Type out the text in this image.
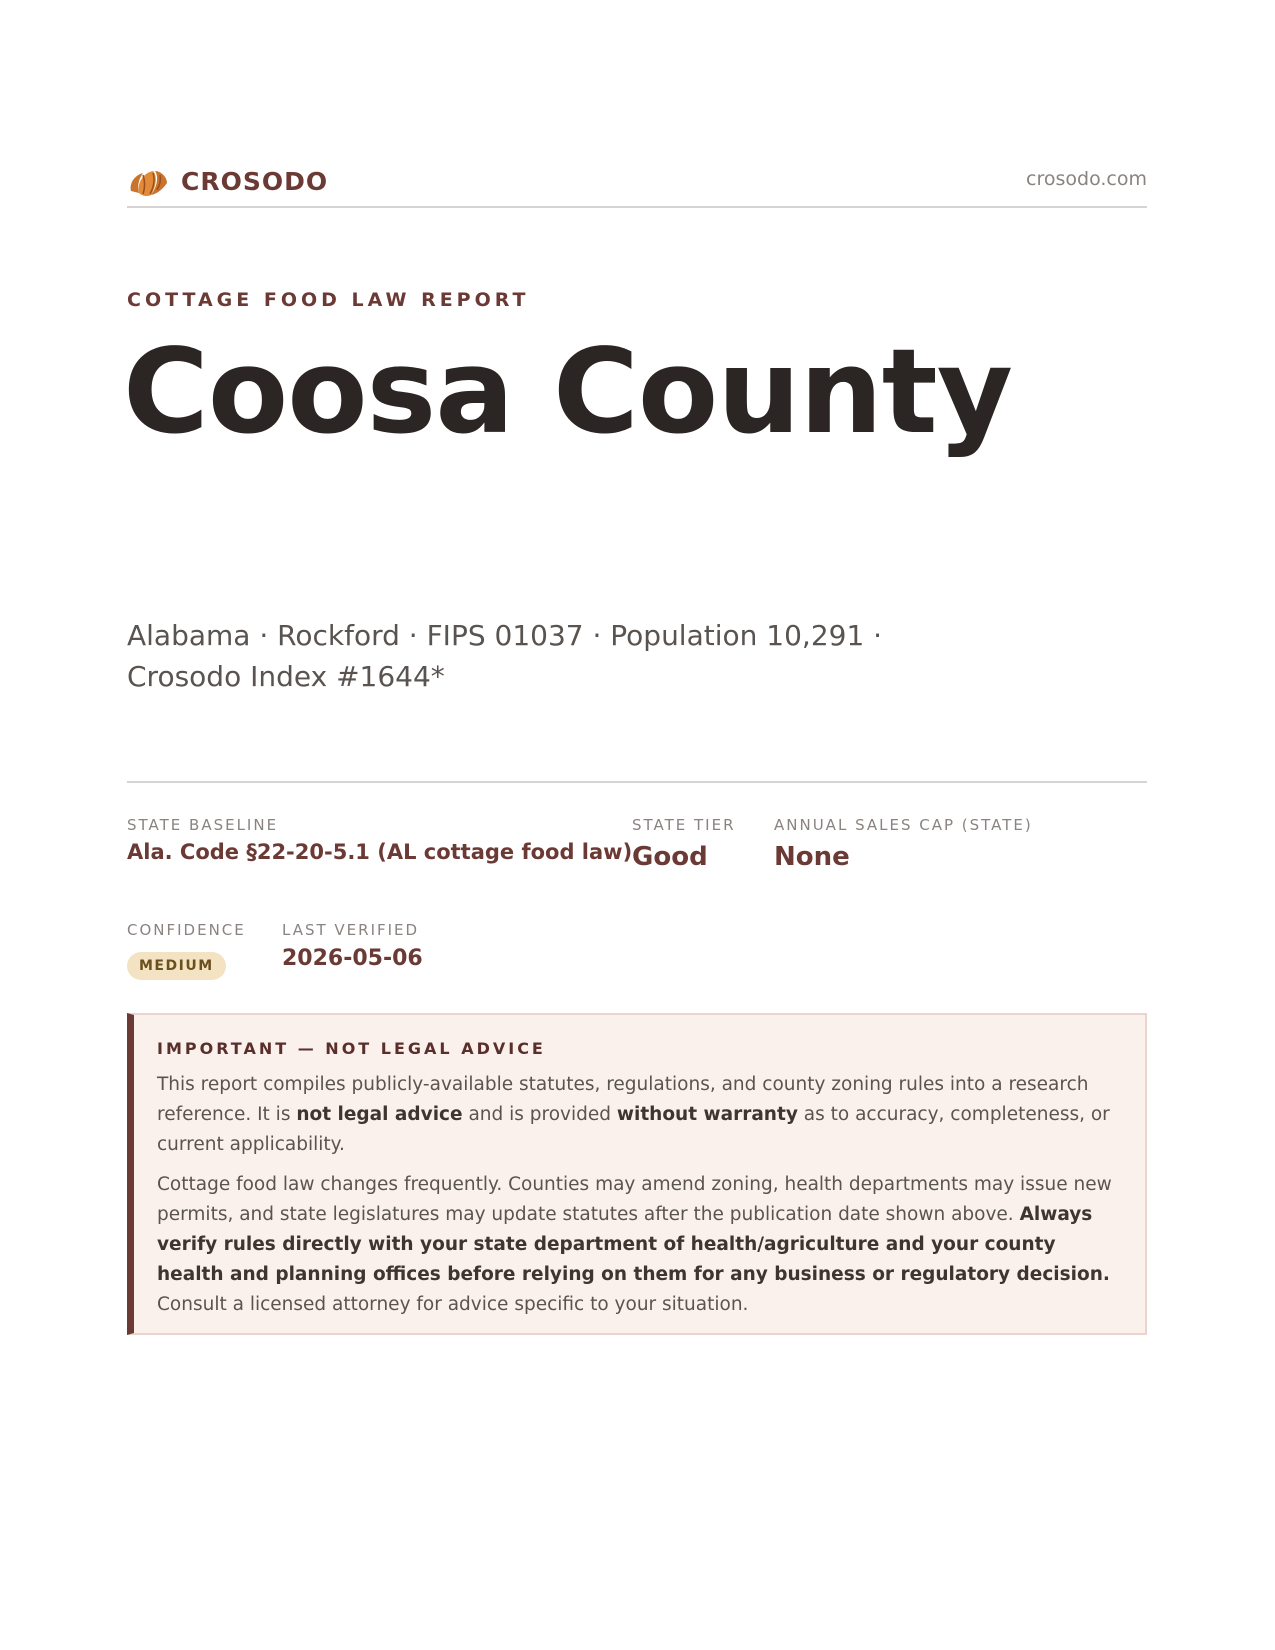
CROSODO	crosodo.com
COTTAGE FOOD LAW REPORT
Coosa County
Alabama · Rockford · FIPS 01037 · Population 10,291 · Crosodo Index #1644*
STATE BASELINE
Ala. Code §22-20-5.1 (AL cottage food law)
STATE TIER
Good
ANNUAL SALES CAP (STATE)
None
CONFIDENCE
MEDIUM
LAST VERIFIED
2026-05-06
IMPORTANT — NOT LEGAL ADVICE

This report compiles publicly-available statutes, regulations, and county zoning rules into a research reference. It is not legal advice and is provided without warranty as to accuracy, completeness, or current applicability.

Cottage food law changes frequently. Counties may amend zoning, health departments may issue new permits, and state legislatures may update statutes after the publication date shown above. Always verify rules directly with your state department of health/agriculture and your county health and planning offices before relying on them for any business or regulatory decision. Consult a licensed attorney for advice specific to your situation.
